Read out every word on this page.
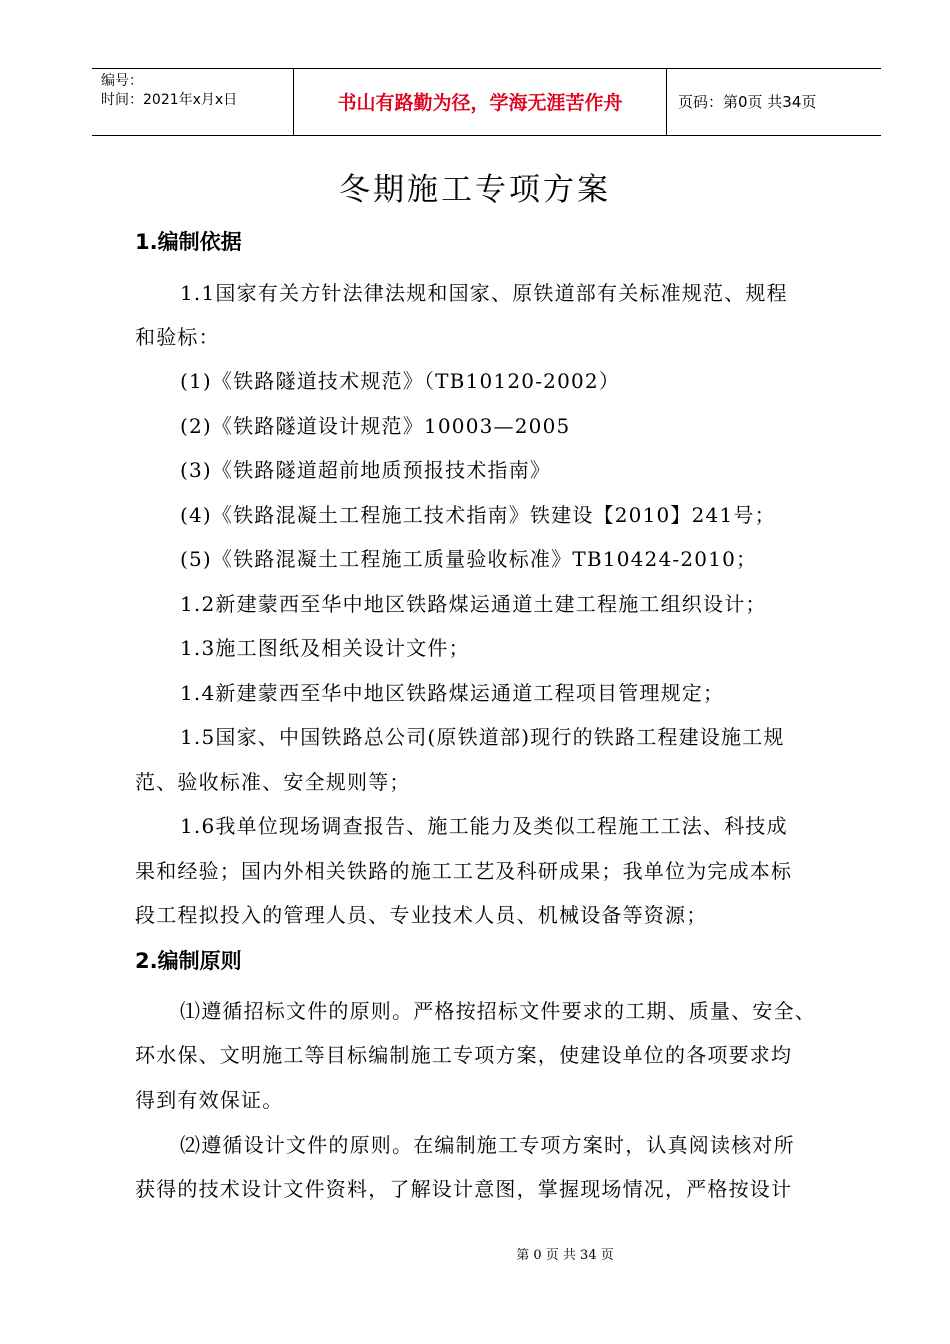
编号：
时间：2021年x月x日	书山有路勤为径，学海无涯苦作舟	页码：第0页 共34页
冬期施工专项方案
1.编制依据
1.1国家有关方针法律法规和国家、原铁道部有关标准规范、规程
和验标：
(1)《铁路隧道技术规范》（TB10120-2002）
(2)《铁路隧道设计规范》10003—2005
(3)《铁路隧道超前地质预报技术指南》
(4)《铁路混凝土工程施工技术指南》铁建设【2010】241号；
(5)《铁路混凝土工程施工质量验收标准》TB10424-2010；
1.2新建蒙西至华中地区铁路煤运通道土建工程施工组织设计；
1.3施工图纸及相关设计文件；
1.4新建蒙西至华中地区铁路煤运通道工程项目管理规定；
1.5国家、中国铁路总公司(原铁道部)现行的铁路工程建设施工规
范、验收标准、安全规则等；
1.6我单位现场调查报告、施工能力及类似工程施工工法、科技成
果和经验；国内外相关铁路的施工工艺及科研成果；我单位为完成本标
段工程拟投入的管理人员、专业技术人员、机械设备等资源；
2.编制原则
⑴遵循招标文件的原则。严格按招标文件要求的工期、质量、安全、
环水保、文明施工等目标编制施工专项方案，使建设单位的各项要求均
得到有效保证。
⑵遵循设计文件的原则。在编制施工专项方案时，认真阅读核对所
获得的技术设计文件资料，了解设计意图，掌握现场情况，严格按设计
第 0 页 共 34 页
